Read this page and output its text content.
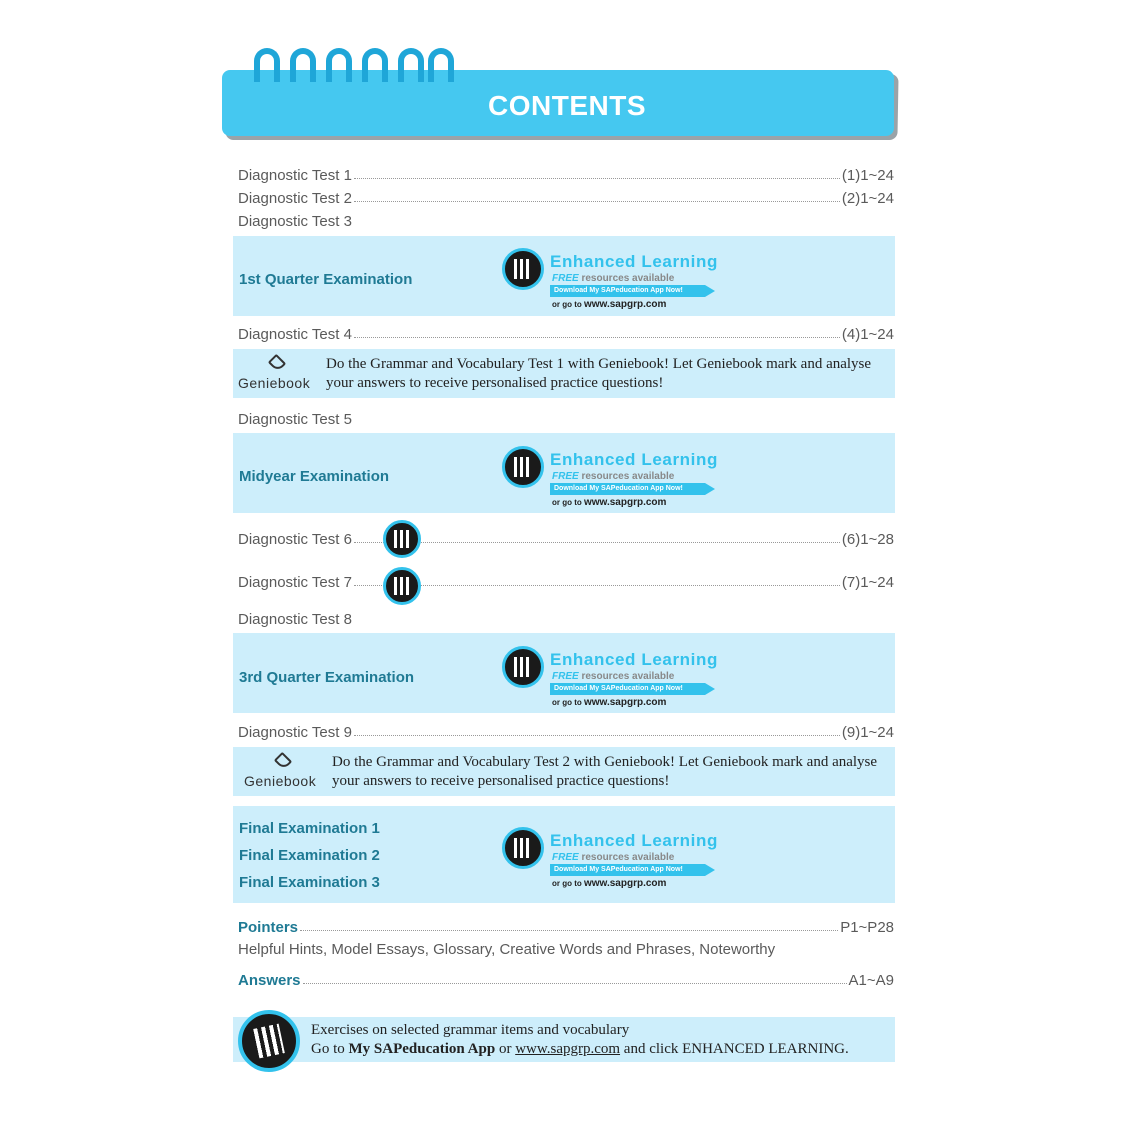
CONTENTS
Diagnostic Test 1	(1)1~24
Diagnostic Test 2	(2)1~24
Diagnostic Test 3
1st Quarter Examination
Enhanced Learning
FREE resources available
Download My SAPeducation App Now!
or go to www.sapgrp.com
Diagnostic Test 4	(4)1~24
Geniebook
Do the Grammar and Vocabulary Test 1 with Geniebook! Let Geniebook mark and analyse your answers to receive personalised practice questions!
Diagnostic Test 5
Midyear Examination
Enhanced Learning
FREE resources available
Download My SAPeducation App Now!
or go to www.sapgrp.com
Diagnostic Test 6	(6)1~28
Diagnostic Test 7	(7)1~24
Diagnostic Test 8
3rd Quarter Examination
Enhanced Learning
FREE resources available
Download My SAPeducation App Now!
or go to www.sapgrp.com
Diagnostic Test 9	(9)1~24
Geniebook
Do the Grammar and Vocabulary Test 2 with Geniebook! Let Geniebook mark and analyse your answers to receive personalised practice questions!
Final Examination 1
Final Examination 2
Final Examination 3
Enhanced Learning
FREE resources available
Download My SAPeducation App Now!
or go to www.sapgrp.com
Pointers	P1~P28
Helpful Hints, Model Essays, Glossary, Creative Words and Phrases, Noteworthy
Answers	A1~A9
Exercises on selected grammar items and vocabulary
Go to My SAPeducation App or www.sapgrp.com and click ENHANCED LEARNING.
